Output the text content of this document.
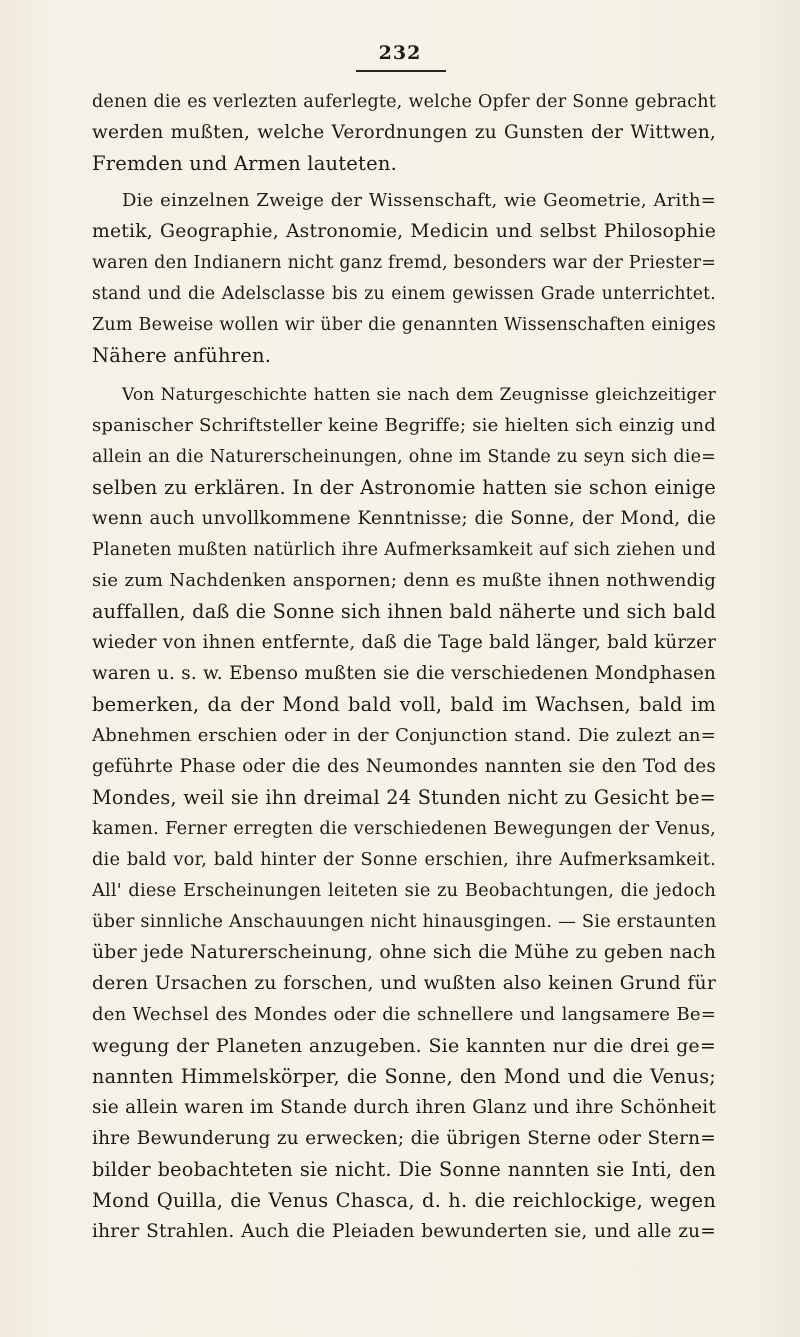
232
denen die es verlezten auferlegte, welche Opfer der Sonne gebracht
werden mußten, welche Verordnungen zu Gunsten der Wittwen,
Fremden und Armen lauteten.
Die einzelnen Zweige der Wissenschaft, wie Geometrie, Arith=
metik, Geographie, Astronomie, Medicin und selbst Philosophie
waren den Indianern nicht ganz fremd, besonders war der Priester=
stand und die Adelsclasse bis zu einem gewissen Grade unterrichtet.
Zum Beweise wollen wir über die genannten Wissenschaften einiges
Nähere anführen.
Von Naturgeschichte hatten sie nach dem Zeugnisse gleichzeitiger
spanischer Schriftsteller keine Begriffe; sie hielten sich einzig und
allein an die Naturerscheinungen, ohne im Stande zu seyn sich die=
selben zu erklären. In der Astronomie hatten sie schon einige
wenn auch unvollkommene Kenntnisse; die Sonne, der Mond, die
Planeten mußten natürlich ihre Aufmerksamkeit auf sich ziehen und
sie zum Nachdenken anspornen; denn es mußte ihnen nothwendig
auffallen, daß die Sonne sich ihnen bald näherte und sich bald
wieder von ihnen entfernte, daß die Tage bald länger, bald kürzer
waren u. s. w. Ebenso mußten sie die verschiedenen Mondphasen
bemerken, da der Mond bald voll, bald im Wachsen, bald im
Abnehmen erschien oder in der Conjunction stand. Die zulezt an=
geführte Phase oder die des Neumondes nannten sie den Tod des
Mondes, weil sie ihn dreimal 24 Stunden nicht zu Gesicht be=
kamen. Ferner erregten die verschiedenen Bewegungen der Venus,
die bald vor, bald hinter der Sonne erschien, ihre Aufmerksamkeit.
All' diese Erscheinungen leiteten sie zu Beobachtungen, die jedoch
über sinnliche Anschauungen nicht hinausgingen. — Sie erstaunten
über jede Naturerscheinung, ohne sich die Mühe zu geben nach
deren Ursachen zu forschen, und wußten also keinen Grund für
den Wechsel des Mondes oder die schnellere und langsamere Be=
wegung der Planeten anzugeben. Sie kannten nur die drei ge=
nannten Himmelskörper, die Sonne, den Mond und die Venus;
sie allein waren im Stande durch ihren Glanz und ihre Schönheit
ihre Bewunderung zu erwecken; die übrigen Sterne oder Stern=
bilder beobachteten sie nicht. Die Sonne nannten sie Inti, den
Mond Quilla, die Venus Chasca, d. h. die reichlockige, wegen
ihrer Strahlen. Auch die Pleiaden bewunderten sie, und alle zu=
